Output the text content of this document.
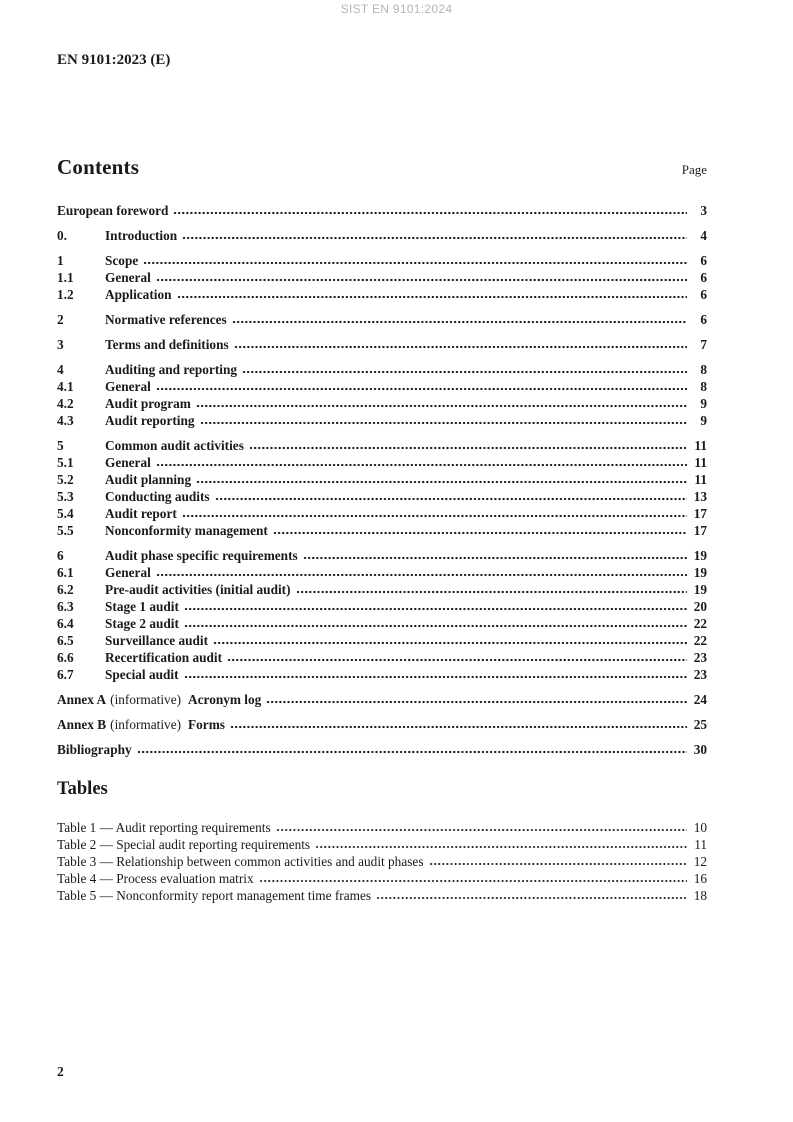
SIST EN 9101:2024
EN 9101:2023 (E)
Contents	Page
European foreword	3
0.	Introduction	4
1	Scope	6
1.1	General	6
1.2	Application	6
2	Normative references	6
3	Terms and definitions	7
4	Auditing and reporting	8
4.1	General	8
4.2	Audit program	9
4.3	Audit reporting	9
5	Common audit activities	11
5.1	General	11
5.2	Audit planning	11
5.3	Conducting audits	13
5.4	Audit report	17
5.5	Nonconformity management	17
6	Audit phase specific requirements	19
6.1	General	19
6.2	Pre-audit activities (initial audit)	19
6.3	Stage 1 audit	20
6.4	Stage 2 audit	22
6.5	Surveillance audit	22
6.6	Recertification audit	23
6.7	Special audit	23
Annex A (informative) Acronym log	24
Annex B (informative) Forms	25
Bibliography	30
Tables
Table 1 — Audit reporting requirements	10
Table 2 — Special audit reporting requirements	11
Table 3 — Relationship between common activities and audit phases	12
Table 4 — Process evaluation matrix	16
Table 5 — Nonconformity report management time frames	18
2
